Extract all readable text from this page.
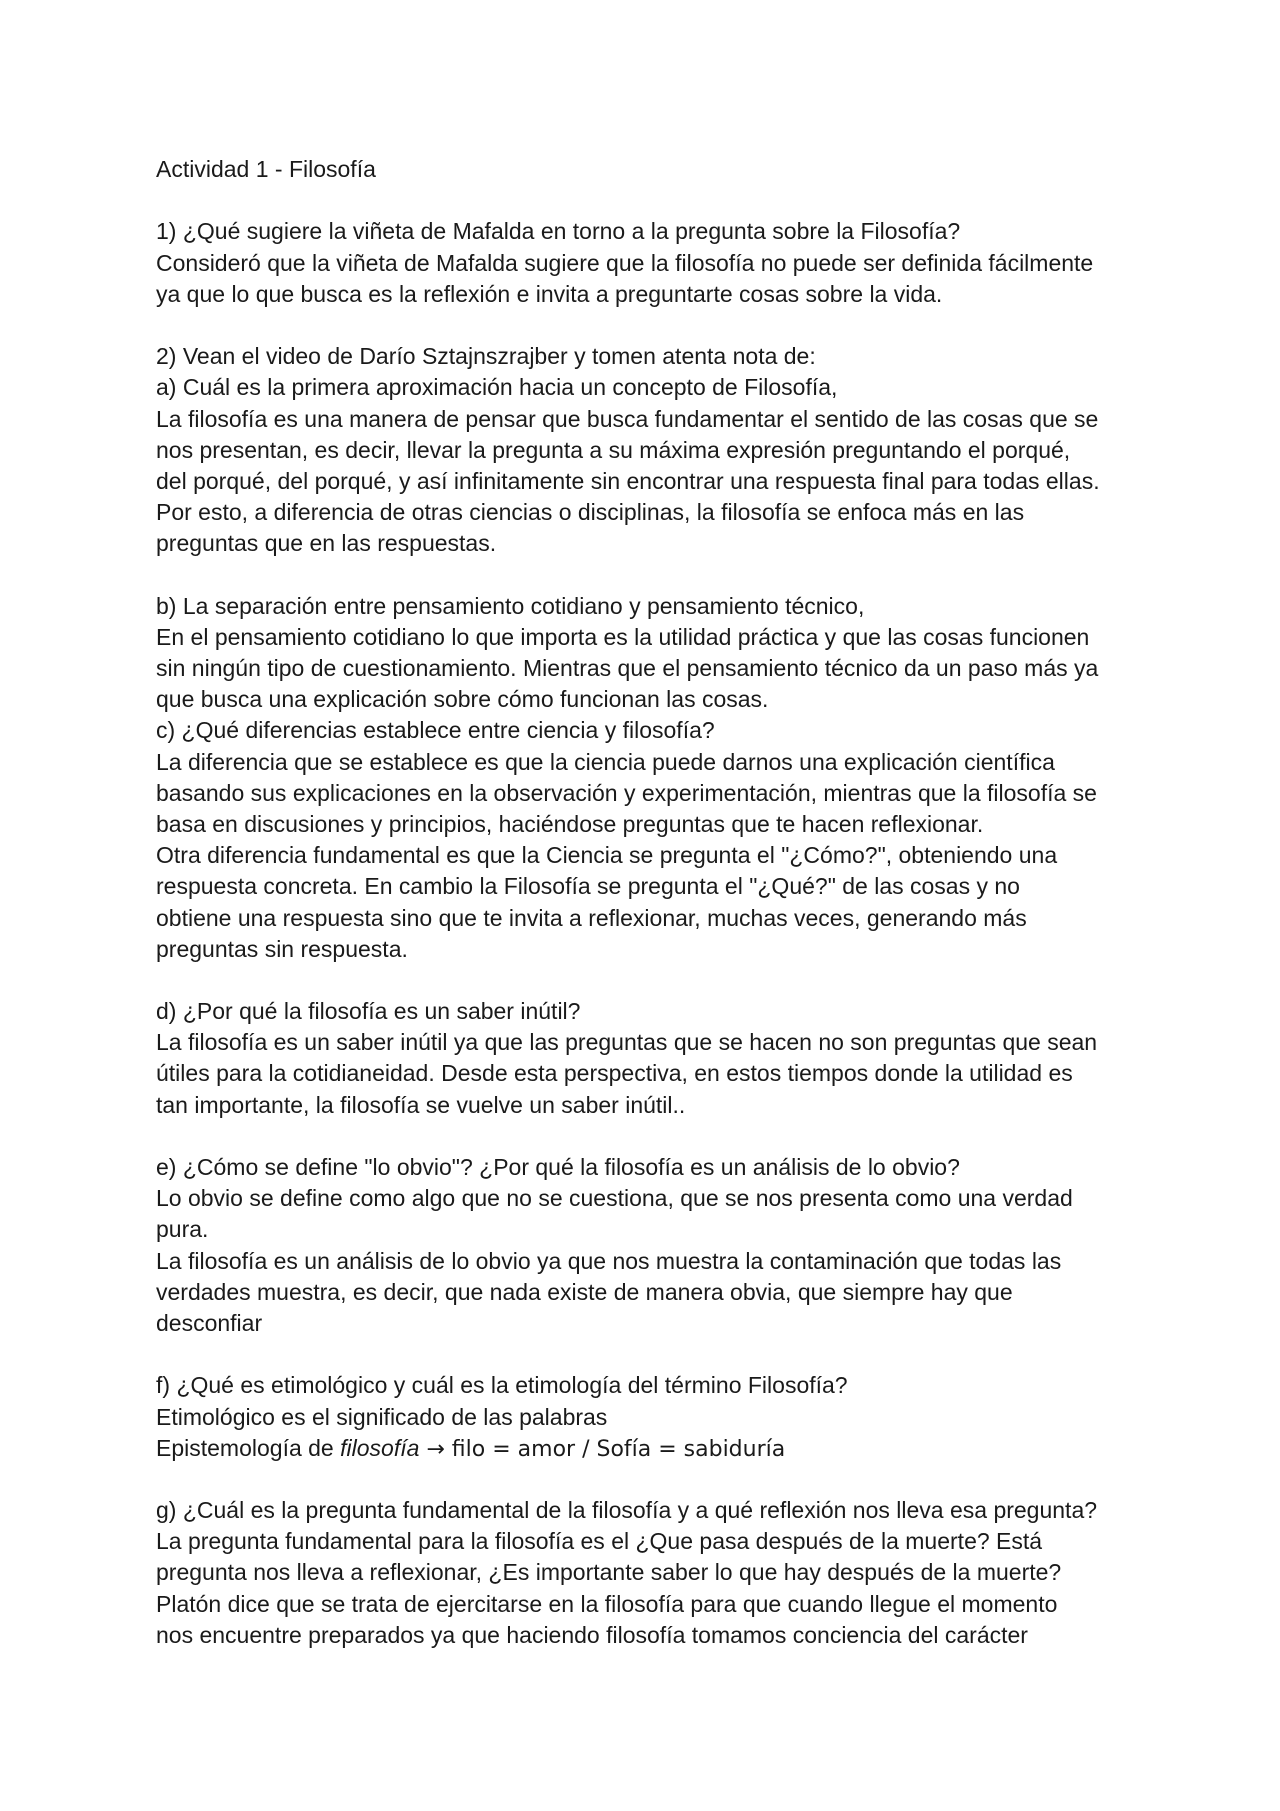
Actividad 1 - Filosofía
1) ¿Qué sugiere la viñeta de Mafalda en torno a la pregunta sobre la Filosofía?
Consideró que la viñeta de Mafalda sugiere que la filosofía no puede ser definida fácilmente
ya que lo que busca es la reflexión e invita a preguntarte cosas sobre la vida.
2) Vean el video de Darío Sztajnszrajber y tomen atenta nota de:
a) Cuál es la primera aproximación hacia un concepto de Filosofía,
La filosofía es una manera de pensar que busca fundamentar el sentido de las cosas que se
nos presentan, es decir, llevar la pregunta a su máxima expresión preguntando el porqué,
del porqué, del porqué, y así infinitamente sin encontrar una respuesta final para todas ellas.
Por esto, a diferencia de otras ciencias o disciplinas, la filosofía se enfoca más en las
preguntas que en las respuestas.
b) La separación entre pensamiento cotidiano y pensamiento técnico,
En el pensamiento cotidiano lo que importa es la utilidad práctica y que las cosas funcionen
sin ningún tipo de cuestionamiento. Mientras que el pensamiento técnico da un paso más ya
que busca una explicación sobre cómo funcionan las cosas.
c) ¿Qué diferencias establece entre ciencia y filosofía?
La diferencia que se establece es que la ciencia puede darnos una explicación científica
basando sus explicaciones en la observación y experimentación, mientras que la filosofía se
basa en discusiones y principios, haciéndose preguntas que te hacen reflexionar.
Otra diferencia fundamental es que la Ciencia se pregunta el "¿Cómo?", obteniendo una
respuesta concreta. En cambio la Filosofía se pregunta el "¿Qué?" de las cosas y no
obtiene una respuesta sino que te invita a reflexionar, muchas veces, generando más
preguntas sin respuesta.
d) ¿Por qué la filosofía es un saber inútil?
La filosofía es un saber inútil ya que las preguntas que se hacen no son preguntas que sean
útiles para la cotidianeidad. Desde esta perspectiva, en estos tiempos donde la utilidad es
tan importante, la filosofía se vuelve un saber inútil..
e) ¿Cómo se define "lo obvio"? ¿Por qué la filosofía es un análisis de lo obvio?
Lo obvio se define como algo que no se cuestiona, que se nos presenta como una verdad
pura.
La filosofía es un análisis de lo obvio ya que nos muestra la contaminación que todas las
verdades muestra, es decir, que nada existe de manera obvia, que siempre hay que
desconfiar
f) ¿Qué es etimológico y cuál es la etimología del término Filosofía?
Etimológico es el significado de las palabras
Epistemología de filosofía → filo = amor / Sofía = sabiduría
g) ¿Cuál es la pregunta fundamental de la filosofía y a qué reflexión nos lleva esa pregunta?
La pregunta fundamental para la filosofía es el ¿Que pasa después de la muerte? Está
pregunta nos lleva a reflexionar, ¿Es importante saber lo que hay después de la muerte?
Platón dice que se trata de ejercitarse en la filosofía para que cuando llegue el momento
nos encuentre preparados ya que haciendo filosofía tomamos conciencia del carácter
